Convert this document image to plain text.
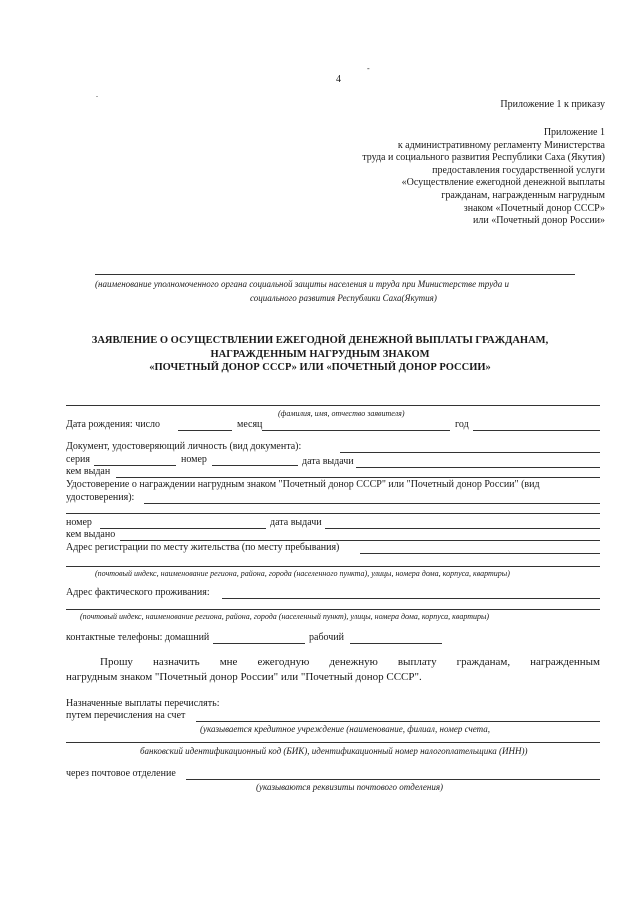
4
-
.
Приложение 1 к приказу
Приложение 1
к административному регламенту Министерства
труда и социального развития Республики Саха (Якутия)
предоставления государственной услуги
«Осуществление ежегодной денежной выплаты
гражданам, награжденным нагрудным
знаком «Почетный донор СССР»
или «Почетный донор России»
(наименование уполномоченного органа социальной защиты населения и труда при Министерстве труда и
социального развития Республики Саха(Якутия)
ЗАЯВЛЕНИЕ О ОСУЩЕСТВЛЕНИИ ЕЖЕГОДНОЙ ДЕНЕЖНОЙ ВЫПЛАТЫ ГРАЖДАНАМ,
НАГРАЖДЕННЫМ НАГРУДНЫМ ЗНАКОМ
«ПОЧЕТНЫЙ ДОНОР СССР» ИЛИ «ПОЧЕТНЫЙ ДОНОР РОССИИ»
(фамилия, имя, отчество заявителя)
Дата рождения: число	месяц	год
Документ, удостоверяющий личность (вид документа):
серия	номер	дата выдачи
кем выдан
Удостоверение о награждении нагрудным знаком "Почетный донор СССР" или "Почетный донор России" (вид
удостоверения):
номер	дата выдачи
кем выдано
Адрес регистрации по месту жительства (по месту пребывания)
(почтовый индекс, наименование региона, района, города (населенного пункта), улицы, номера дома, корпуса, квартиры)
Адрес фактического проживания:
(почтовый индекс, наименование региона, района, города (населенный пункт), улицы, номера дома, корпуса, квартиры)
контактные телефоны: домашний	рабочий
Прошу назначить мне ежегодную денежную выплату гражданам, награжденным
нагрудным знаком "Почетный донор России" или "Почетный донор СССР".
Назначенные выплаты перечислять:
путем перечисления на счет
(указывается кредитное учреждение (наименование, филиал, номер счета,
банковский идентификационный код (БИК), идентификационный номер налогоплательщика (ИНН))
через почтовое отделение
(указываются реквизиты почтового отделения)
